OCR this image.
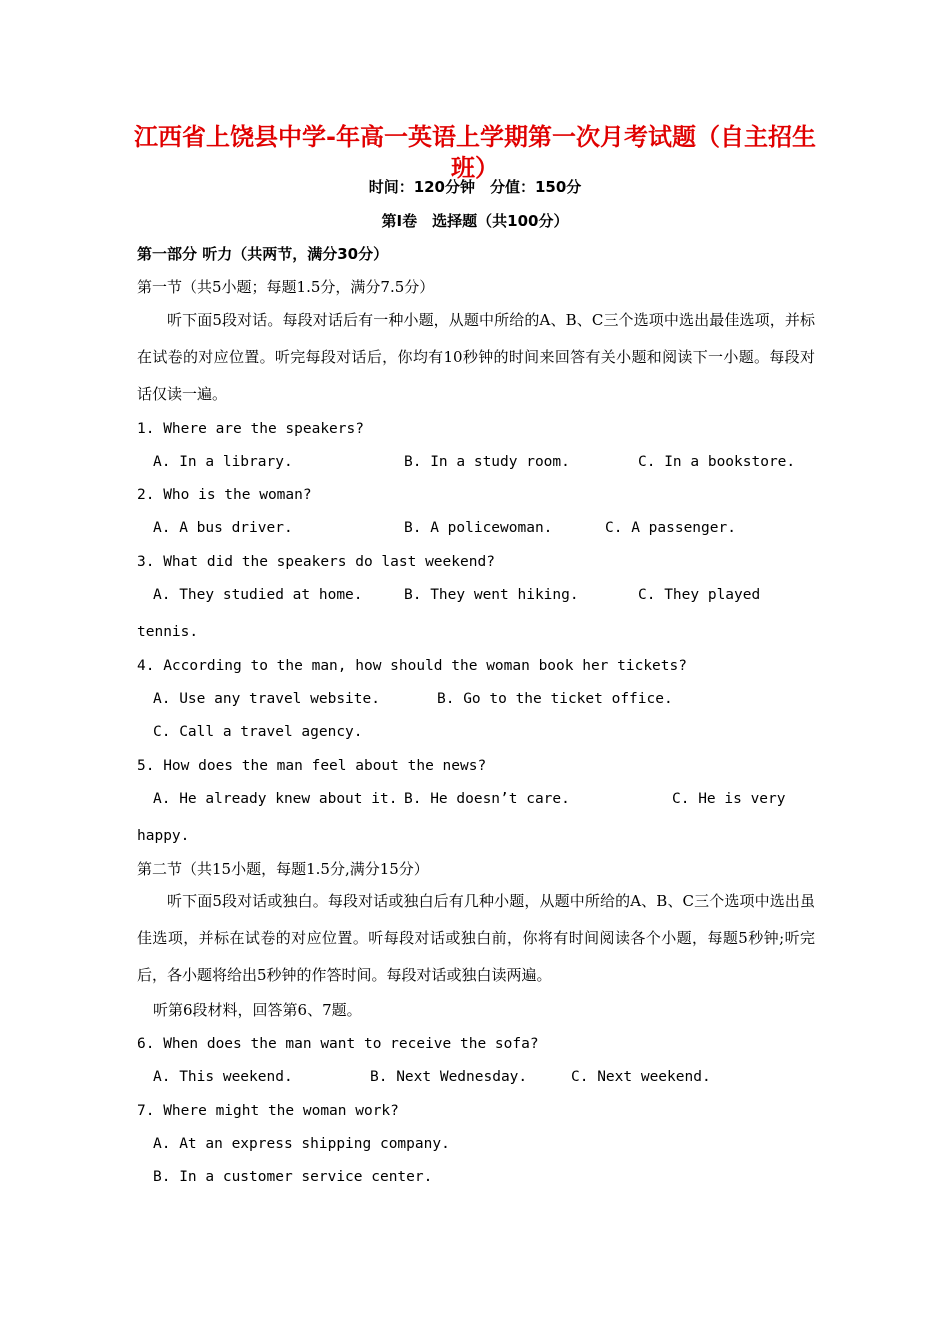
江西省上饶县中学-年高一英语上学期第一次月考试题（自主招生班）
时间：120分钟　分值：150分
第Ⅰ卷　选择题（共100分）
第一部分 听力（共两节，满分30分）
第一节（共5小题；每题1.5分，满分7.5分）
听下面5段对话。每段对话后有一种小题，从题中所给的A、B、C三个选项中选出最佳选项，并标在试卷的对应位置。听完每段对话后，你均有10秒钟的时间来回答有关小题和阅读下一小题。每段对话仅读一遍。
1. Where are the speakers?
A. In a library.	B. In a study room.	C. In a bookstore.
2. Who is the woman?
A. A bus driver.	B. A policewoman.	C. A passenger.
3. What did the speakers do last weekend?
A. They studied at home.	B. They went hiking.	C. They played
tennis.
4. According to the man, how should the woman book her tickets?
A. Use any travel website.	B. Go to the ticket office.
C. Call a travel agency.
5. How does the man feel about the news?
A. He already knew about it. B. He doesn’t care.	C. He is very
happy.
第二节（共15小题，每题1.5分,满分15分）
听下面5段对话或独白。每段对话或独白后有几种小题，从题中所给的A、B、C三个选项中选出虽佳选项，并标在试卷的对应位置。听每段对话或独白前，你将有时间阅读各个小题，每题5秒钟;听完后，各小题将给出5秒钟的作答时间。每段对话或独白读两遍。
听第6段材料，回答第6、7题。
6. When does the man want to receive the sofa?
A. This weekend.	B. Next Wednesday.	C. Next weekend.
7. Where might the woman work?
A. At an express shipping company.
B. In a customer service center.
